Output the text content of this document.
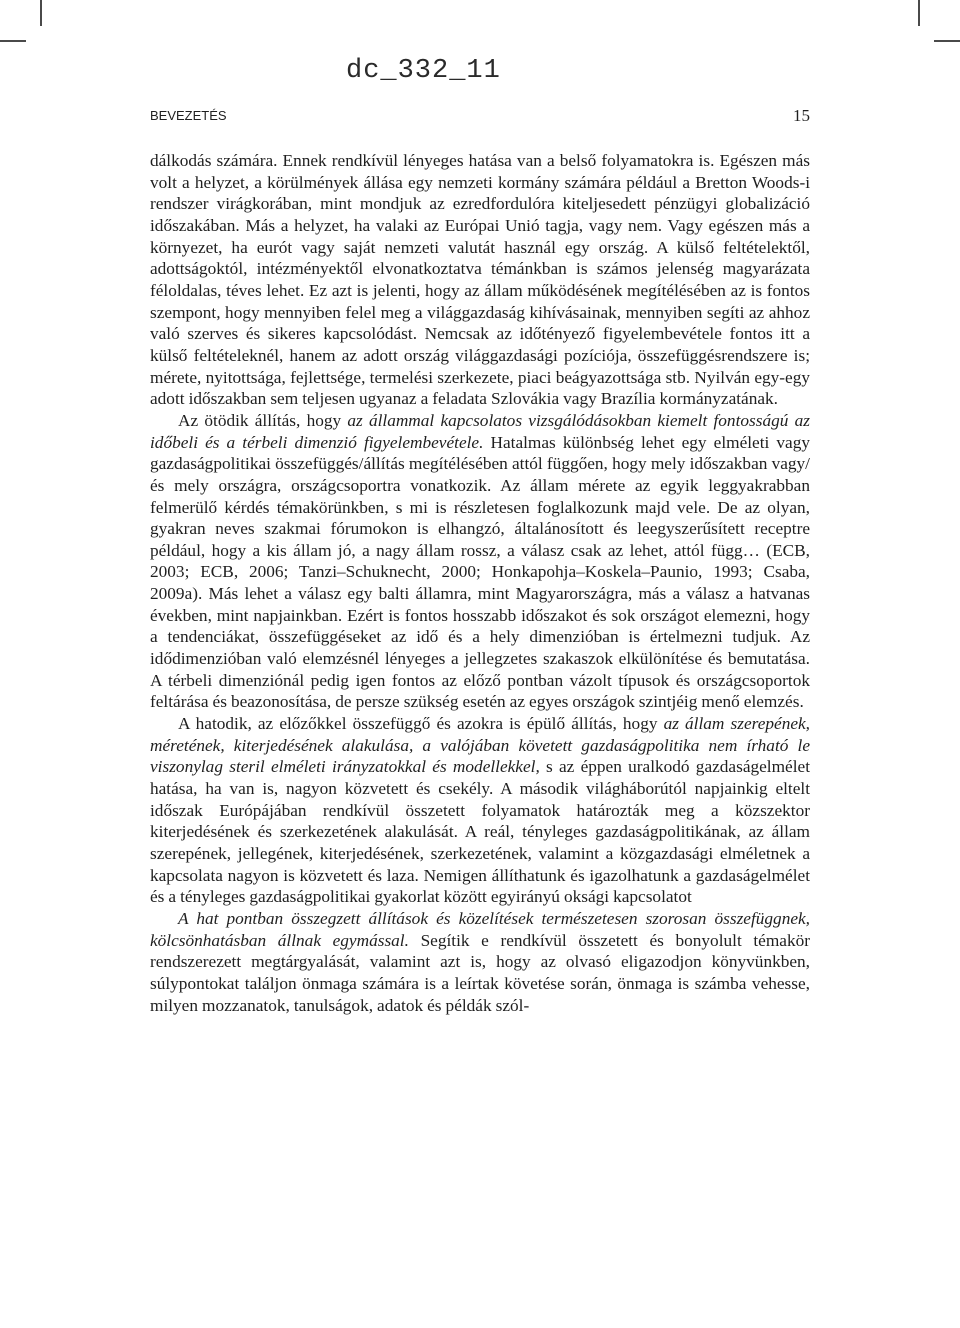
dc_332_11
BEVEZETÉS	15

dálkodás számára. Ennek rendkívül lényeges hatása van a belső folyamatokra is. Egészen más volt a helyzet, a körülmények állása egy nemzeti kormány számára például a Bretton Woods-i rendszer virágkorában, mint mondjuk az ezredfordulóra kiteljesedett pénzügyi globalizáció időszakában. Más a helyzet, ha valaki az Európai Unió tagja, vagy nem. Vagy egészen más a környezet, ha eurót vagy saját nemzeti valutát használ egy ország. A külső feltételektől, adottságoktól, intézményektől elvonatkoztatva témánkban is számos jelenség magyarázata féloldalas, téves lehet. Ez azt is jelenti, hogy az állam működésének megítélésében az is fontos szempont, hogy mennyiben felel meg a világgazdaság kihívásainak, mennyiben segíti az ahhoz való szerves és sikeres kapcsolódást. Nemcsak az időtényező figyelembevétele fontos itt a külső feltételeknél, hanem az adott ország világgazdasági pozíciója, összefüggésrendszere is; mérete, nyitottsága, fejlettsége, termelési szerkezete, piaci beágyazottsága stb. Nyilván egy-egy adott időszakban sem teljesen ugyanaz a feladata Szlovákia vagy Brazília kormányzatának.

Az ötödik állítás, hogy az állammal kapcsolatos vizsgálódásokban kiemelt fontosságú az időbeli és a térbeli dimenzió figyelembevétele. Hatalmas különbség lehet egy elméleti vagy gazdaságpolitikai összefüggés/állítás megítélésében attól függően, hogy mely időszakban vagy/és mely országra, országcsoportra vonatkozik. Az állam mérete az egyik leggyakrabban felmerülő kérdés témakörünkben, s mi is részletesen foglalkozunk majd vele. De az olyan, gyakran neves szakmai fórumokon is elhangzó, általánosított és leegyszerűsített receptre például, hogy a kis állam jó, a nagy állam rossz, a válasz csak az lehet, attól függ… (ECB, 2003; ECB, 2006; Tanzi–Schuknecht, 2000; Honkapohja–Koskela–Paunio, 1993; Csaba, 2009a). Más lehet a válasz egy balti államra, mint Magyarországra, más a válasz a hatvanas években, mint napjainkban. Ezért is fontos hosszabb időszakot és sok országot elemezni, hogy a tendenciákat, összefüggéseket az idő és a hely dimenzióban is értelmezni tudjuk. Az idődimenzióban való elemzésnél lényeges a jellegzetes szakaszok elkülönítése és bemutatása. A térbeli dimenziónál pedig igen fontos az előző pontban vázolt típusok és országcsoportok feltárása és beazonosítása, de persze szükség esetén az egyes országok szintjéig menő elemzés.

A hatodik, az előzőkkel összefüggő és azokra is épülő állítás, hogy az állam szerepének, méretének, kiterjedésének alakulása, a valójában követett gazdaságpolitika nem írható le viszonylag steril elméleti irányzatokkal és modellekkel, s az éppen uralkodó gazdaságelmélet hatása, ha van is, nagyon közvetett és csekély. A második világháborútól napjainkig eltelt időszak Európájában rendkívül összetett folyamatok határozták meg a közszektor kiterjedésének és szerkezetének alakulását. A reál, tényleges gazdaságpolitikának, az állam szerepének, jellegének, kiterjedésének, szerkezetének, valamint a közgazdasági elméletnek a kapcsolata nagyon is közvetett és laza. Nemigen állíthatunk és igazolhatunk a gazdaságelmélet és a tényleges gazdaságpolitikai gyakorlat között egyirányú oksági kapcsolatot

A hat pontban összegzett állítások és közelítések természetesen szorosan összefüggnek, kölcsönhatásban állnak egymással. Segítik e rendkívül összetett és bonyolult témakör rendszerezett megtárgyalását, valamint azt is, hogy az olvasó eligazodjon könyvünkben, súlypontokat találjon önmaga számára is a leírtak követése során, önmaga is számba vehesse, milyen mozzanatok, tanulságok, adatok és példák szól-
